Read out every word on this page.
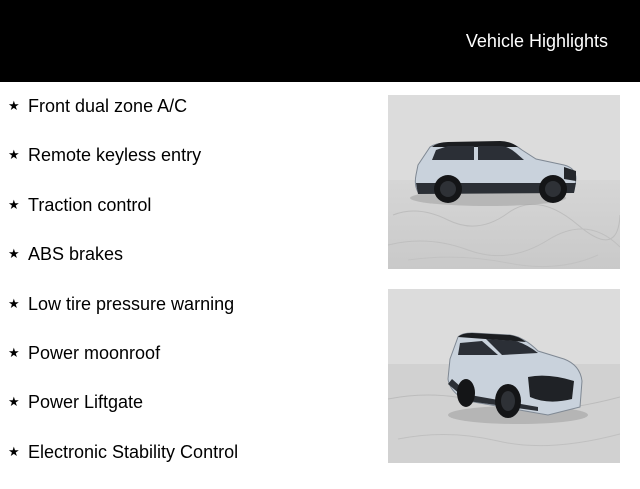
Vehicle Highlights
★ Front dual zone A/C
★ Remote keyless entry
★ Traction control
★ ABS brakes
★ Low tire pressure warning
★ Power moonroof
★ Power Liftgate
★ Electronic Stability Control
